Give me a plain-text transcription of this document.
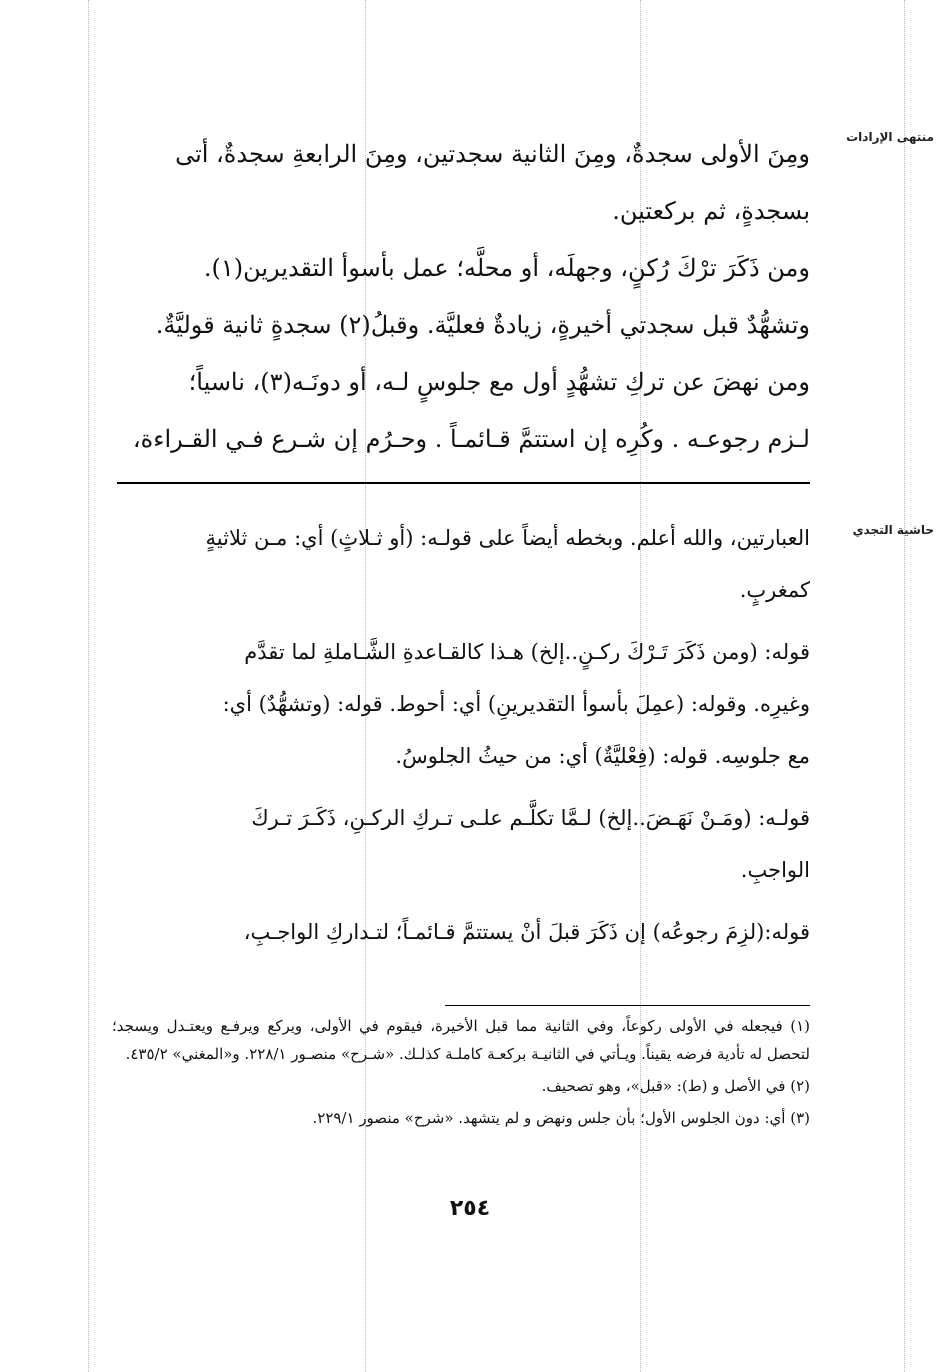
منتهى الإرادات
حاشية التجدي

ومِنَ الأولى سجدةٌ، ومِنَ الثانية سجدتين، ومِنَ الرابعةِ سجدةٌ، أتى
بسجدةٍ، ثم بركعتين.

ومن ذَكَرَ ترْكَ رُكنٍ، وجهلَه، أو محلَّه؛ عمل بأسوأ التقديرين(١).
وتشهُّدٌ قبل سجدتي أخيرةٍ، زيادةٌ فعليَّة. وقبلُ(٢) سجدةٍ ثانية قوليَّةٌ.

ومن نهضَ عن تركِ تشهُّدٍ أول مع جلوسٍ لـه، أو دونَـه(٣)، ناسياً؛
لـزم رجوعـه . وكُرِه إن استتمَّ قـائمـاً . وحـرُم إن شـرع فـي القـراءة،

العبارتين، والله أعلم. وبخطه أيضاً على قولـه: (أو ثـلاثٍ) أي: مـن ثلاثيةٍ
كمغربٍ.

قوله: (ومن ذَكَرَ تَـرْكَ ركـنٍ..إلخ) هـذا كالقـاعدةِ الشَّـاملةِ لما تقدَّم
وغيرِه. وقوله: (عمِلَ بأسوأ التقديرينِ) أي: أحوط. قوله: (وتشهُّدٌ) أي:
مع جلوسِه. قوله: (فِعْليَّةٌ) أي: من حيثُ الجلوسُ.

قولـه: (ومَـنْ نَهَـضَ..إلخ) لـمَّا تكلَّـم علـى تـركِ الركـنِ، ذَكَـرَ تـركَ
الواجبِ.

قوله:(لزِمَ رجوعُه) إن ذَكَرَ قبلَ أنْ يستتمَّ قـائمـاً؛ لتـداركِ الواجـبِ،

(١) فيجعله في الأولى ركوعاً، وفي الثانية مما قبل الأخيرة، فيقوم في الأولى، ويركع ويرفـع ويعتـدل ويسجد؛ لتحصل له تأدية فرضه يقيناً. ويـأتي في الثانيـة بركعـة كاملـة كذلـك. «شـرح» منصـور ٢٢٨/١. و«المغني» ٤٣٥/٢.

(٢) في الأصل و (ط): «قبل»، وهو تصحيف.

(٣) أي: دون الجلوس الأول؛ بأن جلس ونهض و لم يتشهد. «شرح» منصور ٢٢٩/١.

٢٥٤
